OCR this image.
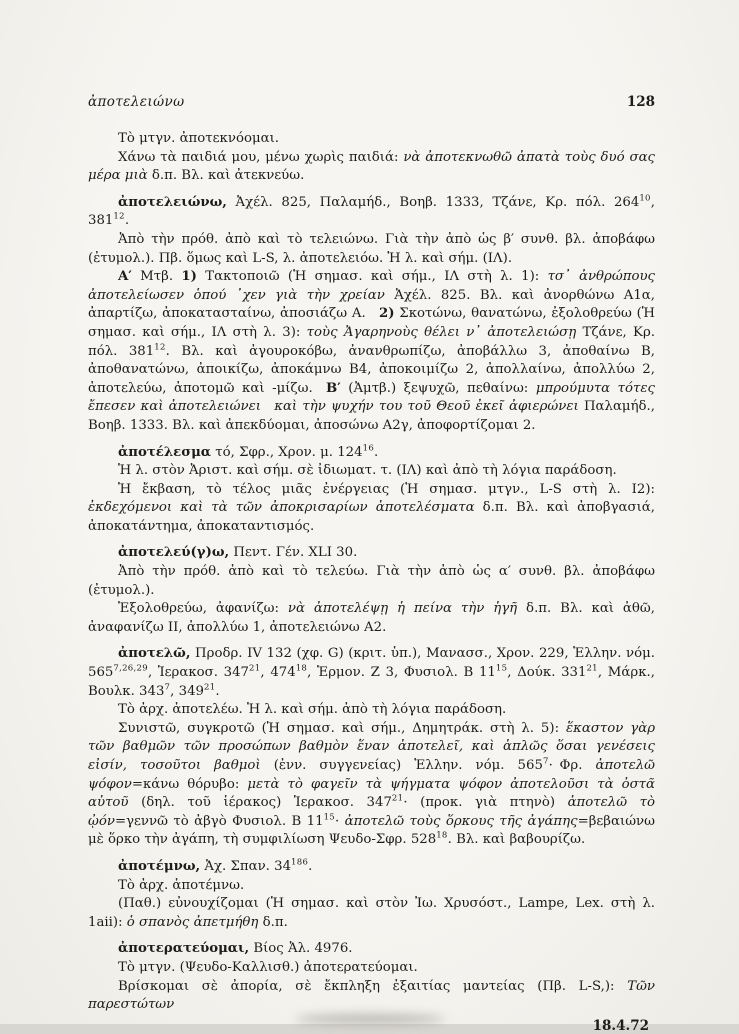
ἀποτελειώνω	128

Τὸ μτγν. ἀποτεκνόομαι.

Χάνω τὰ παιδιά μου, μένω χωρὶς παιδιά: νὰ ἀποτεκνωθῶ ἀπατὰ τοὺς δυό σας μέρα μιὰ δ.π. Βλ. καὶ ἀτεκνεύω.

ἀποτελειώνω, Ἀχέλ. 825, Παλαμήδ., Βοηβ. 1333, Τζάνε, Κρ. πόλ. $264^{10}$, $381^{12}$.

Ἀπὸ τὴν πρόθ. ἀπὸ καὶ τὸ τελειώνω. Γιὰ τὴν ἀπὸ ὡς β′ συνθ. βλ. ἀποβάφω (ἐτυμολ.). Πβ. ὅμως καὶ L-S, λ. ἀποτελειόω. Ἡ λ. καὶ σήμ. (ΙΛ).

Α′ Μτβ. 1) Τακτοποιῶ (Ἡ σημασ. καὶ σήμ., ΙΛ στὴ λ. 1): τσ᾽ ἀνθρώπους ἀποτελείωσεν ὁπού ᾽χεν γιὰ τὴν χρείαν Ἀχέλ. 825. Βλ. καὶ ἀνορθώνω Α1α, ἀπαρτίζω, ἀποκατασταίνω, ἀποσιάζω Α. 2) Σκοτώνω, θανατώνω, ἐξολοθρεύω (Ἡ σημασ. καὶ σήμ., ΙΛ στὴ λ. 3): τοὺς Ἀγαρηνοὺς θέλει ν᾽ ἀποτελειώσῃ Τζάνε, Κρ. πόλ. $381^{12}$. Βλ. καὶ ἀγουροκόβω, ἀνανθρωπίζω, ἀποβάλλω 3, ἀποθαίνω Β, ἀποθανατώνω, ἀποικίζω, ἀποκάμνω Β4, ἀποκοιμίζω 2, ἀπολλαίνω, ἀπολλύω 2, ἀποτελεύω, ἀποτομῶ καὶ -μίζω. Β′ (Ἀμτβ.) ξεψυχῶ, πεθαίνω: μπρούμυτα τότες ἔπεσεν καὶ ἀποτελειώνει  καὶ τὴν ψυχήν του τοῦ Θεοῦ ἐκεῖ ἀφιερώνει Παλαμήδ., Βοηβ. 1333. Βλ. καὶ ἀπεκδύομαι, ἀποσώνω Α2γ, ἀποφορτίζομαι 2.

ἀποτέλεσμα τό, Σφρ., Χρον. μ. $124^{16}$.

Ἡ λ. στὸν Ἀριστ. καὶ σήμ. σὲ ἰδιωματ. τ. (ΙΛ) καὶ ἀπὸ τὴ λόγια παράδοση.

Ἡ ἔκβαση, τὸ τέλος μιᾶς ἐνέργειας (Ἡ σημασ. μτγν., L-S στὴ λ. Ι2): ἐκδεχόμενοι καὶ τὰ τῶν ἀποκρισαρίων ἀποτελέσματα δ.π. Βλ. καὶ ἀποβγασιά, ἀποκατάντημα, ἀποκαταντισμός.

ἀποτελεύ(γ)ω, Πεντ. Γέν. XLI 30.

Ἀπὸ τὴν πρόθ. ἀπὸ καὶ τὸ τελεύω. Γιὰ τὴν ἀπὸ ὡς α′ συνθ. βλ. ἀποβάφω (ἐτυμολ.).

Ἐξολοθρεύω, ἀφανίζω: νὰ ἀποτελέψῃ ἡ πείνα τὴν ἡγῆ δ.π. Βλ. καὶ ἀθῶ, ἀναφανίζω ΙΙ, ἀπολλύω 1, ἀποτελειώνω Α2.

ἀποτελῶ, Προδρ. IV 132 (χφ. G) (κριτ. ὑπ.), Μανασσ., Χρον. 229, Ἑλλην. νόμ. 565$^{7,26,29}$, Ἱερακοσ. $347^{21}$, $474^{18}$, Ἑρμον. Ζ 3, Φυσιολ. Β $11^{15}$, Δούκ. $331^{21}$, Μάρκ., Βουλκ. $343^7$, $349^{21}$.

Τὸ ἀρχ. ἀποτελέω. Ἡ λ. καὶ σήμ. ἀπὸ τὴ λόγια παράδοση.

Συνιστῶ, συγκροτῶ (Ἡ σημασ. καὶ σήμ., Δημητράκ. στὴ λ. 5): ἕκαστον γὰρ τῶν βαθμῶν τῶν προσώπων βαθμὸν ἕναν ἀποτελεῖ, καὶ ἁπλῶς ὅσαι γενέσεις εἰσίν, τοσοῦτοι βαθμοὶ (ἐνν. συγγενείας) Ἑλλην. νόμ. $565^7\cdot$ Φρ. ἀποτελῶ ψόφον=κάνω θόρυβο: μετὰ τὸ φαγεῖν τὰ ψήγματα ψόφον ἀποτελοῦσι τὰ ὀστᾶ αὐτοῦ (δηλ. τοῦ ἱέρακος) Ἱερακοσ. $347^{21}\cdot (\pi\rho o\kappa$. γιὰ πτηνὸ) ἀποτελῶ τὸ ᾠόν=γεννῶ τὸ ἀβγὸ Φυσιολ. Β $11^{15}\cdot$ ἀποτελῶ τοὺς ὅρκους τῆς ἀγάπης=βεβαιώνω μὲ ὅρκο τὴν ἀγάπη, τὴ συμφιλίωση Ψευδο-Σφρ. $528^{18}$. Βλ. καὶ βαβουρίζω.

ἀποτέμνω, Ἀχ. Σπαν. $34^{186}$.

Τὸ ἀρχ. ἀποτέμνω.

(Παθ.) εὐνουχίζομαι (Ἡ σημασ. καὶ στὸν Ἰω. Χρυσόστ., Lampe, Lex. στὴ λ. 1aii): ὁ σπανὸς ἀπετμήθη δ.π.

ἀποτερατεύομαι, Βίος Ἀλ. 4976.

Τὸ μτγν. (Ψευδο-Καλλισθ.) ἀποτερατεύομαι.

Βρίσκομαι σὲ ἀπορία, σὲ ἔκπληξη ἐξαιτίας μαντείας (Πβ. L-S,): Τῶν παρεστώτων

18.4.72
